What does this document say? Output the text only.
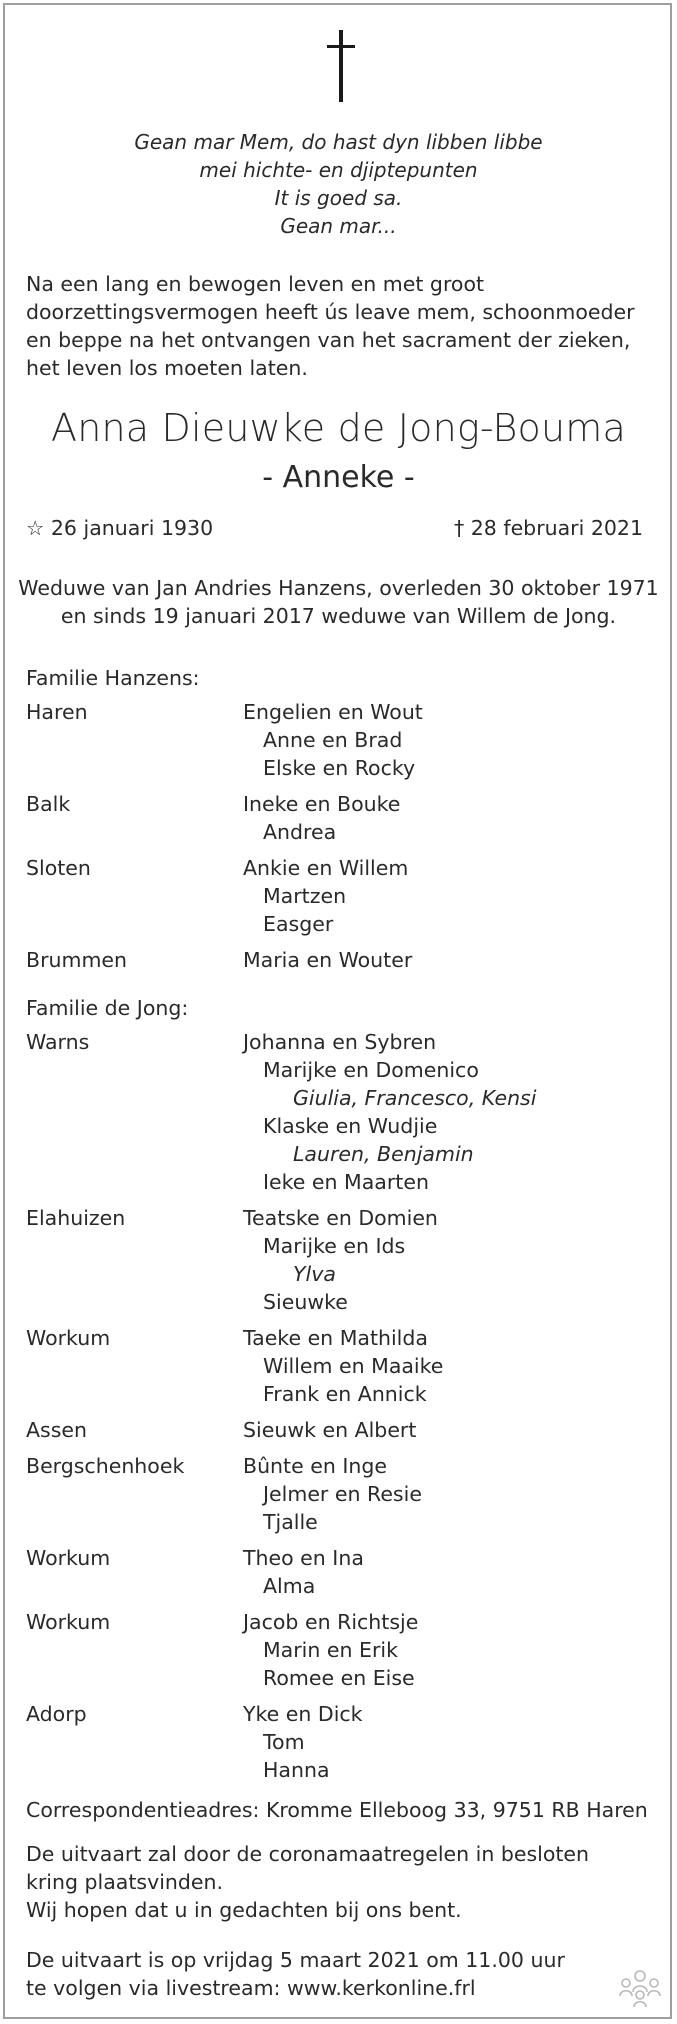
Gean mar Mem, do hast dyn libben libbe
mei hichte- en djiptepunten
It is goed sa.
Gean mar...
Na een lang en bewogen leven en met groot
doorzettingsvermogen heeft ús leave mem, schoonmoeder
en beppe na het ontvangen van het sacrament der zieken,
het leven los moeten laten.
Anna Dieuwke de Jong-Bouma
- Anneke -
☆ 26 januari 1930	† 28 februari 2021
Weduwe van Jan Andries Hanzens, overleden 30 oktober 1971
en sinds 19 januari 2017 weduwe van Willem de Jong.
Familie Hanzens:
Haren	Engelien en Wout
Anne en Brad
Elske en Rocky
Balk	Ineke en Bouke
Andrea
Sloten	Ankie en Willem
Martzen
Easger
Brummen	Maria en Wouter
Familie de Jong:
Warns	Johanna en Sybren
Marijke en Domenico
Giulia, Francesco, Kensi
Klaske en Wudjie
Lauren, Benjamin
Ieke en Maarten
Elahuizen	Teatske en Domien
Marijke en Ids
Ylva
Sieuwke
Workum	Taeke en Mathilda
Willem en Maaike
Frank en Annick
Assen	Sieuwk en Albert
Bergschenhoek	Bûnte en Inge
Jelmer en Resie
Tjalle
Workum	Theo en Ina
Alma
Workum	Jacob en Richtsje
Marin en Erik
Romee en Eise
Adorp	Yke en Dick
Tom
Hanna
Correspondentieadres: Kromme Elleboog 33, 9751 RB Haren
De uitvaart zal door de coronamaatregelen in besloten
kring plaatsvinden.
Wij hopen dat u in gedachten bij ons bent.
De uitvaart is op vrijdag 5 maart 2021 om 11.00 uur
te volgen via livestream: www.kerkonline.frl
